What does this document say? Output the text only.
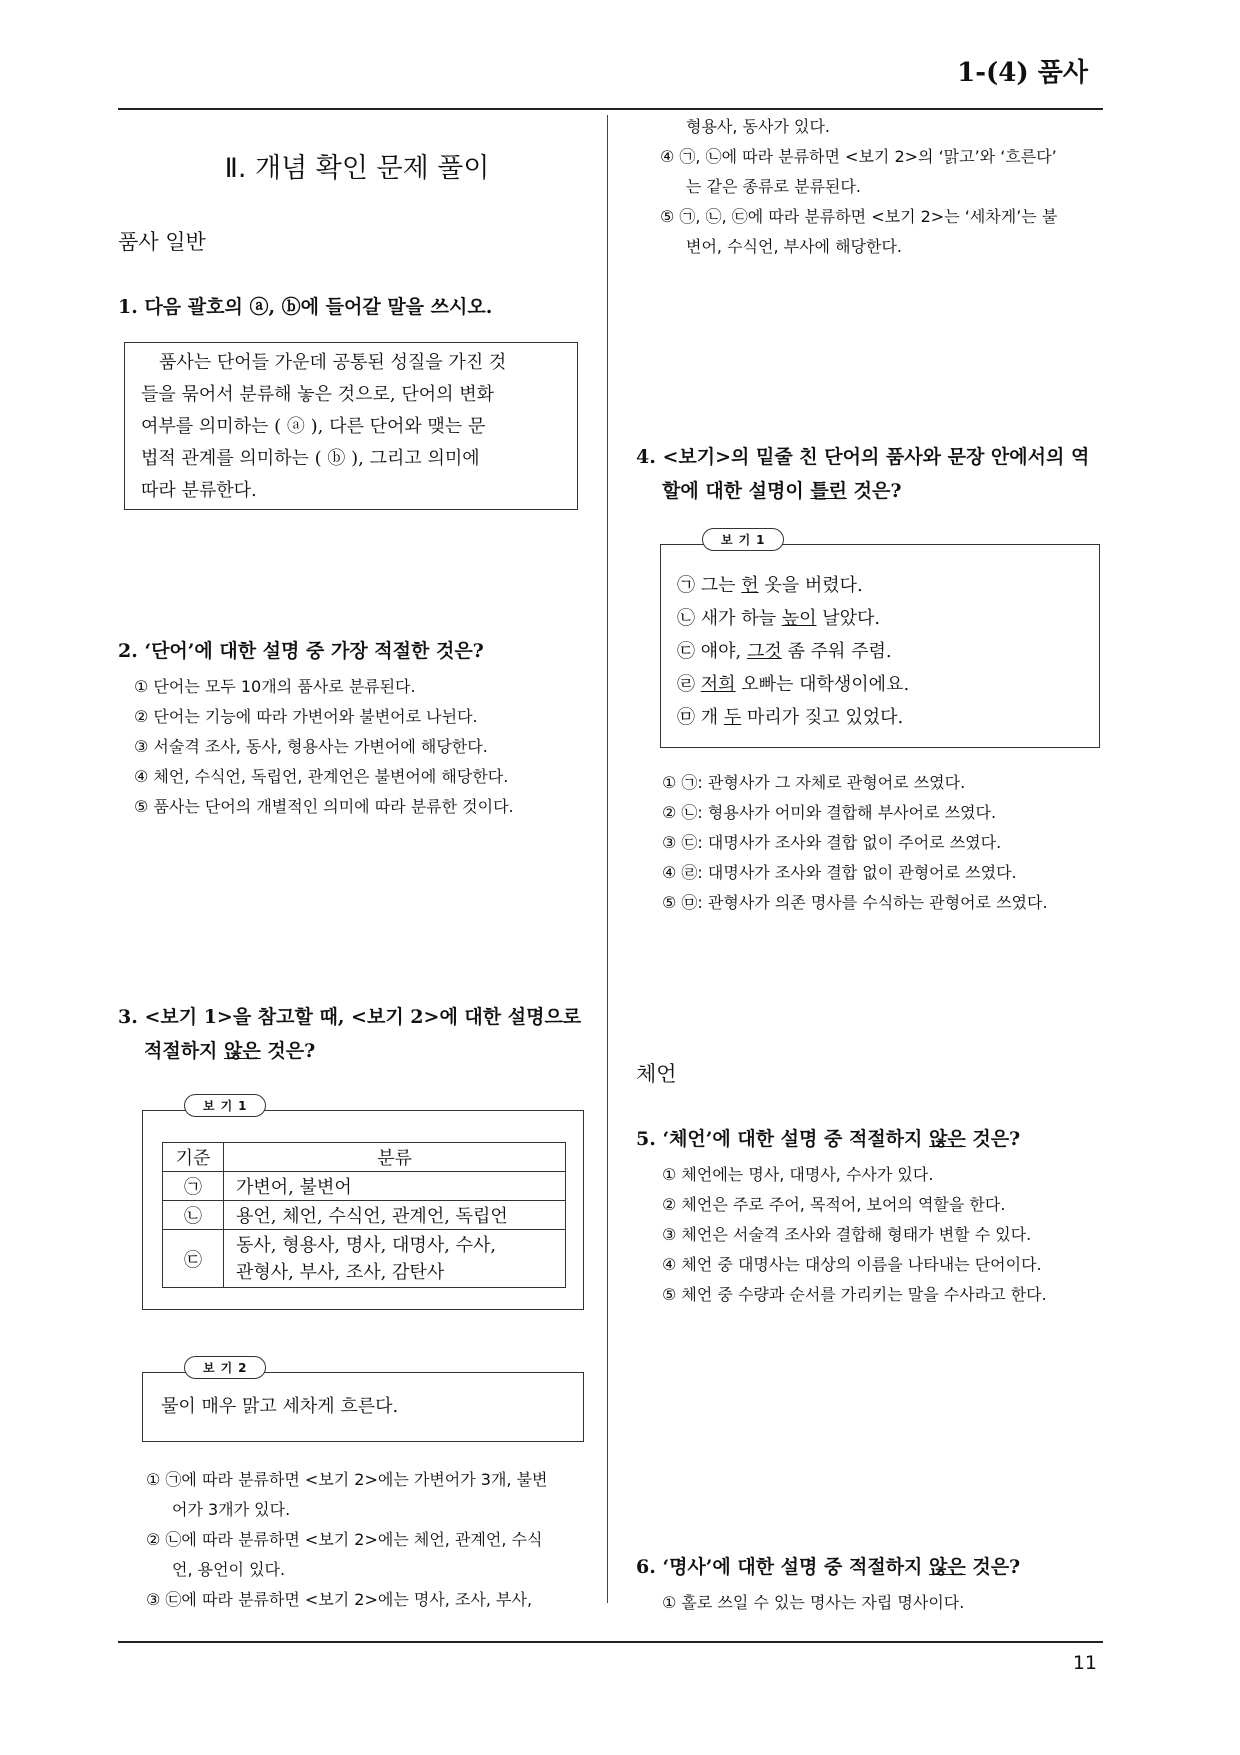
1-(4) 품사
Ⅱ. 개념 확인 문제 풀이
품사 일반
1. 다음 괄호의 ⓐ, ⓑ에 들어갈 말을 쓰시오.
품사는 단어들 가운데 공통된 성질을 가진 것
들을 묶어서 분류해 놓은 것으로, 단어의 변화
여부를 의미하는 ( ⓐ ), 다른 단어와 맺는 문
법적 관계를 의미하는 ( ⓑ ), 그리고 의미에
따라 분류한다.
2. ‘단어’에 대한 설명 중 가장 적절한 것은?
① 단어는 모두 10개의 품사로 분류된다.
② 단어는 기능에 따라 가변어와 불변어로 나뉜다.
③ 서술격 조사, 동사, 형용사는 가변어에 해당한다.
④ 체언, 수식언, 독립언, 관계언은 불변어에 해당한다.
⑤ 품사는 단어의 개별적인 의미에 따라 분류한 것이다.
3. <보기 1>을 참고할 때, <보기 2>에 대한 설명으로
적절하지 않은 것은?
보기1
기준	분류
㉠	가변어, 불변어
㉡	용언, 체언, 수식언, 관계언, 독립언
㉢	동사, 형용사, 명사, 대명사, 수사,
관형사, 부사, 조사, 감탄사
물이 매우 맑고 세차게 흐른다.
보기2
① ㉠에 따라 분류하면 <보기 2>에는 가변어가 3개, 불변
어가 3개가 있다.
② ㉡에 따라 분류하면 <보기 2>에는 체언, 관계언, 수식
언, 용언이 있다.
③ ㉢에 따라 분류하면 <보기 2>에는 명사, 조사, 부사,
형용사, 동사가 있다.
④ ㉠, ㉡에 따라 분류하면 <보기 2>의 ‘맑고’와 ‘흐른다’
는 같은 종류로 분류된다.
⑤ ㉠, ㉡, ㉢에 따라 분류하면 <보기 2>는 ‘세차게’는 불
변어, 수식언, 부사에 해당한다.
4. <보기>의 밑줄 친 단어의 품사와 문장 안에서의 역
할에 대한 설명이 틀린 것은?
㉠ 그는 헌 옷을 버렸다.
㉡ 새가 하늘 높이 날았다.
㉢ 얘야, 그것 좀 주워 주렴.
㉣ 저희 오빠는 대학생이에요.
㉤ 개 두 마리가 짖고 있었다.
보기1
① ㉠: 관형사가 그 자체로 관형어로 쓰였다.
② ㉡: 형용사가 어미와 결합해 부사어로 쓰였다.
③ ㉢: 대명사가 조사와 결합 없이 주어로 쓰였다.
④ ㉣: 대명사가 조사와 결합 없이 관형어로 쓰였다.
⑤ ㉤: 관형사가 의존 명사를 수식하는 관형어로 쓰였다.
체언
5. ‘체언’에 대한 설명 중 적절하지 않은 것은?
① 체언에는 명사, 대명사, 수사가 있다.
② 체언은 주로 주어, 목적어, 보어의 역할을 한다.
③ 체언은 서술격 조사와 결합해 형태가 변할 수 있다.
④ 체언 중 대명사는 대상의 이름을 나타내는 단어이다.
⑤ 체언 중 수량과 순서를 가리키는 말을 수사라고 한다.
6. ‘명사’에 대한 설명 중 적절하지 않은 것은?
① 홀로 쓰일 수 있는 명사는 자립 명사이다.
11
